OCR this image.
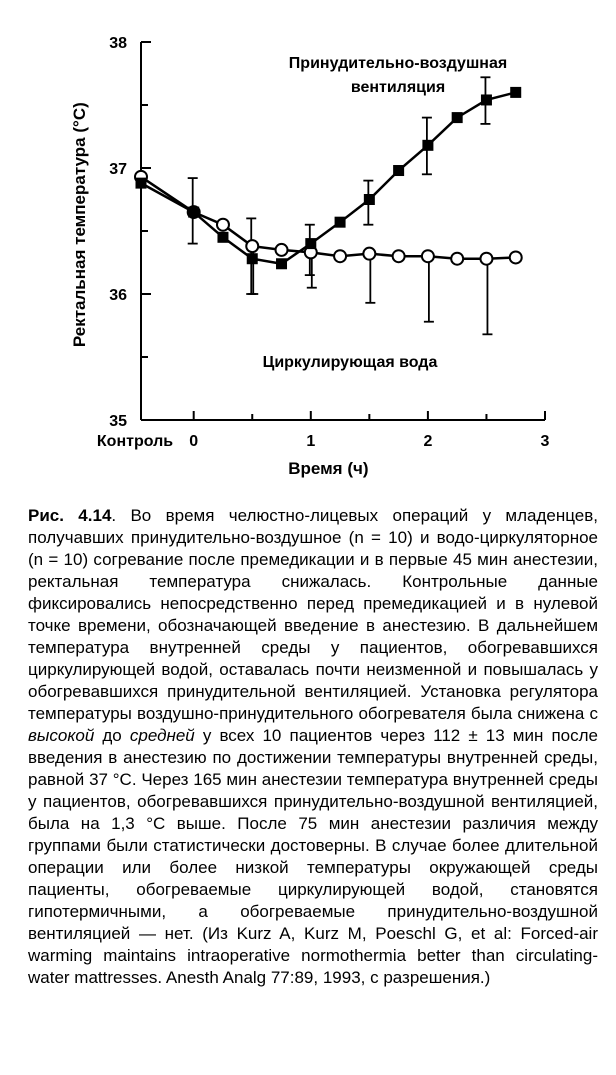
35
36
37
38
Контроль 0	1	2	3
Время (ч)
Ректальная температура (°С)
Принудительно-воздушная
вентиляция
Циркулирующая вода
Рис. 4.14. Во время челюстно-лицевых операций у младенцев, получавших принудительно-воздушное (n = 10) и водо-циркуляторное (n = 10) согревание после премедикации и в первые 45 мин анестезии, ректальная температура снижалась. Контрольные данные фиксировались непосредственно перед премедикацией и в нулевой точке времени, обозначающей введение в анестезию. В дальнейшем температура внутренней среды у пациентов, обогревавшихся циркулирующей водой, оставалась почти неизменной и повышалась у обогревавшихся принудительной вентиляцией. Установка регулятора температуры воздушно-принудительного обогревателя была снижена с высокой до средней у всех 10 пациентов через 112 ± 13 мин после введения в анестезию по достижении температуры внутренней среды, равной 37 °С. Через 165 мин анестезии температура внутренней среды у пациентов, обогревавшихся принудительно-воздушной вентиляцией, была на 1,3 °С выше. После 75 мин анестезии различия между группами были статистически достоверны. В случае более длительной операции или более низкой температуры окружающей среды пациенты, обогреваемые циркулирующей водой, становятся гипотермичными, а обогреваемые принудительно-воздушной вентиляцией — нет. (Из Kurz A, Kurz M, Poeschl G, et al: Forced-air warming maintains intraoperative normothermia better than circulating-water mattresses. Anesth Analg 77:89, 1993, с разрешения.)
